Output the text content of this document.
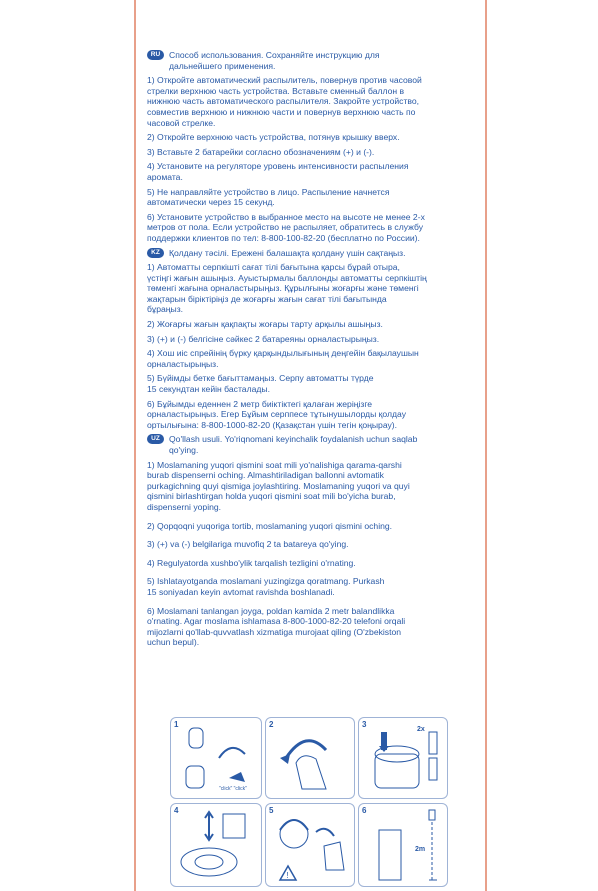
RU	Способ использования. Сохраняйте инструкцию для
дальнейшего применения.

1) Откройте автоматический распылитель, повернув против часовой
стрелки верхнюю часть устройства. Вставьте сменный баллон в
нижнюю часть автоматического распылителя. Закройте устройство,
совместив верхнюю и нижнюю части и повернув верхнюю часть по
часовой стрелке.

2) Откройте верхнюю часть устройства, потянув крышку вверх.

3) Вставьте 2 батарейки согласно обозначениям (+) и (-).

4) Установите на регуляторе уровень интенсивности распыления
аромата.

5) Не направляйте устройство в лицо. Распыление начнется
автоматически через 15 секунд.

6) Установите устройство в выбранное место на высоте не менее 2-х
метров от пола. Если устройство не распыляет, обратитесь в службу
поддержки клиентов по тел: 8-800-100-82-20 (бесплатно по России).

KZ	Қолдану тәсілі. Ережені балашақта қолдану үшін сақтаңыз.

1) Автоматты серпкішті сағат тілі бағытына қарсы бұрай отыра,
үстіңгі жағын ашыңыз. Ауыстырмалы баллонды автоматты серпкіштің
төменгі жағына орналастырыңыз. Құрылғыны жоғарғы және төменгі
жақтарын біріктіріңіз де жоғарғы жағын сағат тілі бағытында
бұраңыз.

2) Жоғарғы жағын қақпақты жоғары тарту арқылы ашыңыз.

3) (+) и (-) белгісіне сәйкес 2 батареяны орналастырыңыз.

4) Хош иіс спрейінің бүрку қарқындылығының деңгейін бақылаушын
орналастырыңыз.

5) Бүйімды бетке бағыттамаңыз. Серпу автоматты түрде
15 секундтан кейін басталады.

6) Бұйымды еденнен 2 метр биіктіктегі қалаған жеріңізге
орналастырыңыз. Егер Бұйым серппесе тұтынушылорды қолдау
ортылығына: 8-800-1000-82-20 (Қазақстан үшін тегін қоңырау).

UZ	Qo'llash usuli. Yo'riqnomani keyinchalik foydalanish uchun saqlab
qo'ying.

1) Moslamaning yuqori qismini soat mili yo'nalishiga qarama-qarshi
burab dispenserni oching. Almashtiriladigan ballonni avtomatik
purkagichning quyi qismiga joylashtiring. Moslamaning yuqori va quyi
qismini birlashtirgan holda yuqori qismini soat mili bo'yicha burab,
dispenserni yoping.

2) Qopqoqni yuqoriga tortib, moslamaning yuqori qismini oching.

3) (+) va (-) belgilariga muvofiq 2 ta batareya qo'ying.

4) Regulyatorda xushbo'ylik tarqalish tezligini o'rnating.

5) Ishlatayotganda moslamani yuzingizga qoratmang. Purkash
15 soniyadan keyin avtomat ravishda boshlanadi.

6) Moslamani tanlangan joyga, poldan kamida 2 metr balandlikka
o'rnating. Agar moslama ishlamasa 8-800-1000-82-20 telefoni orqali
mijozlarni qo'llab-quvvatlash xizmatiga murojaat qiling (O'zbekiston
uchun bepul).

1
"click" "click"
2	3
2x
4	5
!
6
2m
